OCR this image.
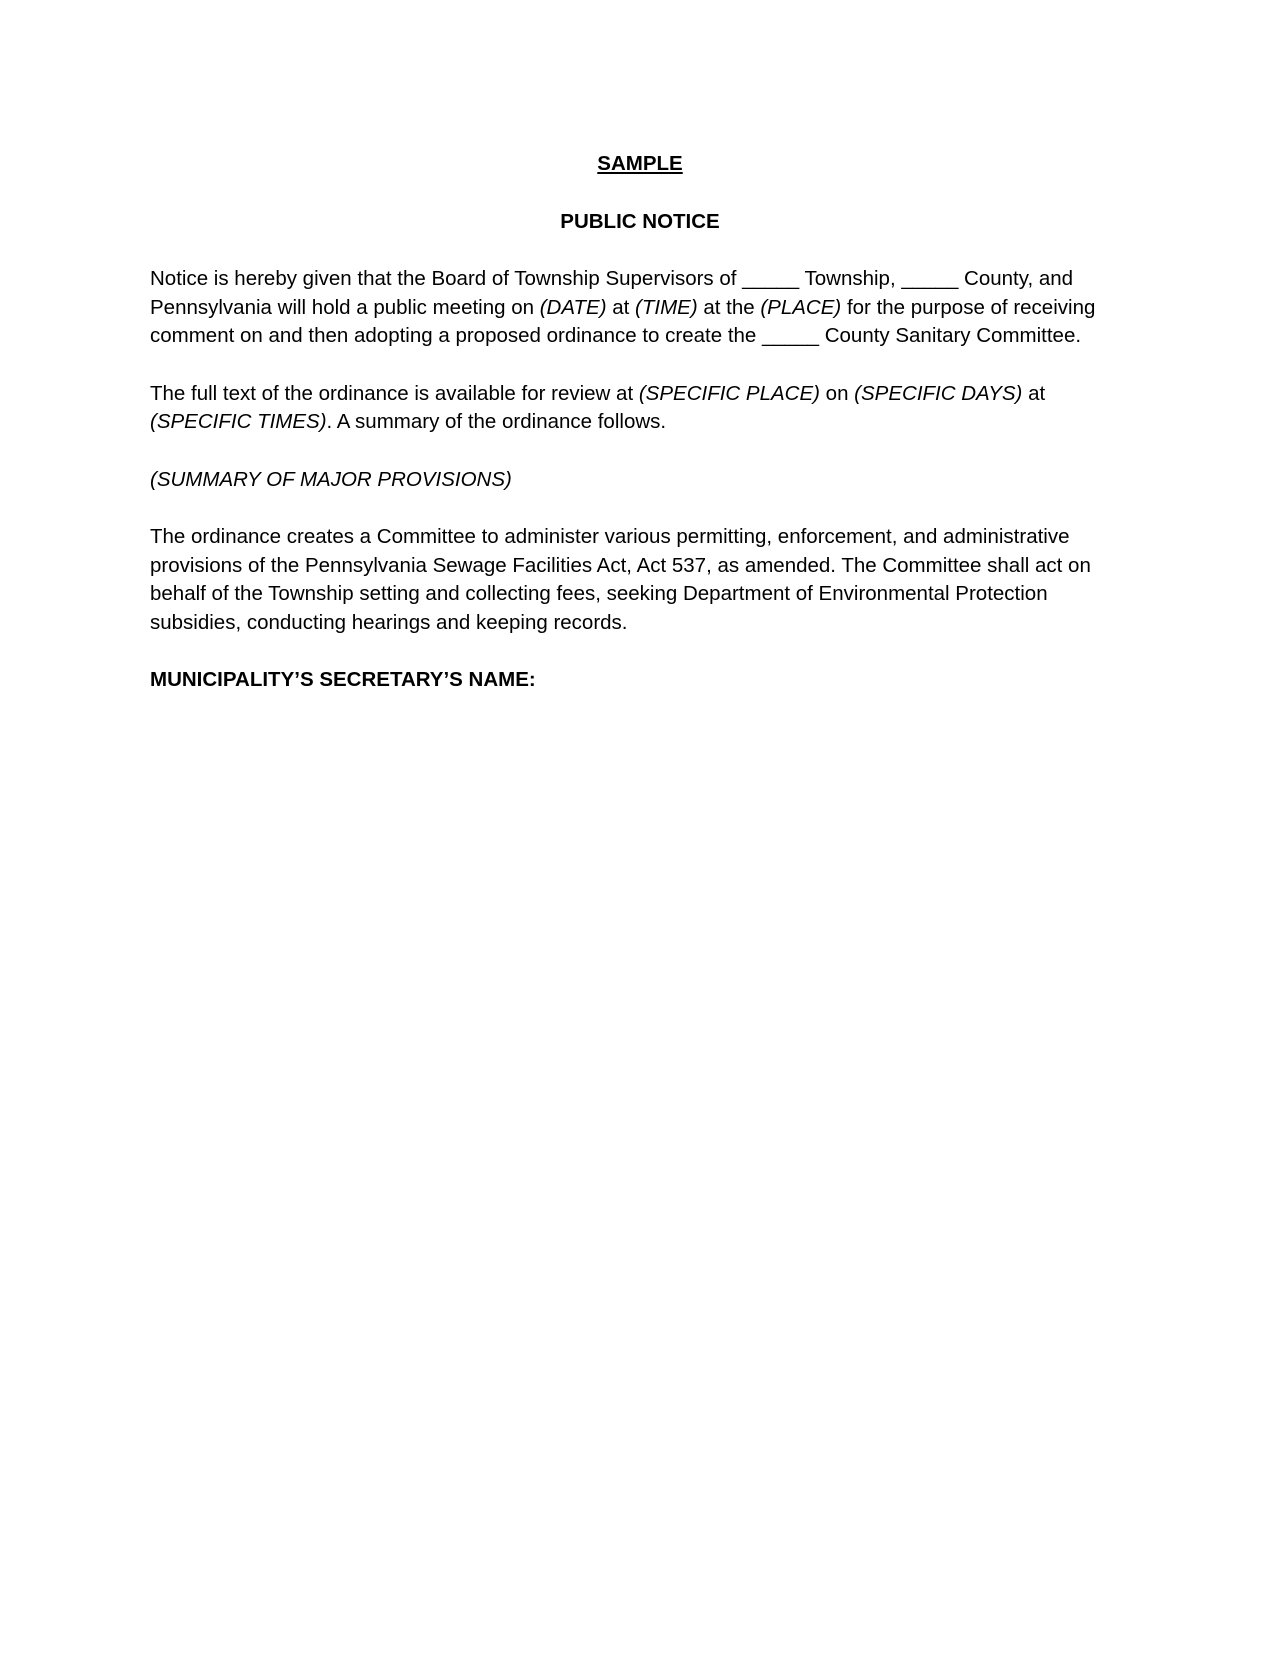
SAMPLE
PUBLIC NOTICE

Notice is hereby given that the Board of Township Supervisors of _____ Township, _____ County, and Pennsylvania will hold a public meeting on (DATE) at (TIME) at the (PLACE) for the purpose of receiving comment on and then adopting a proposed ordinance to create the _____ County Sanitary Committee.

The full text of the ordinance is available for review at (SPECIFIC PLACE) on (SPECIFIC DAYS) at (SPECIFIC TIMES). A summary of the ordinance follows.

(SUMMARY OF MAJOR PROVISIONS)

The ordinance creates a Committee to administer various permitting, enforcement, and administrative provisions of the Pennsylvania Sewage Facilities Act, Act 537, as amended. The Committee shall act on behalf of the Township setting and collecting fees, seeking Department of Environmental Protection subsidies, conducting hearings and keeping records.

MUNICIPALITY’S SECRETARY’S NAME:
